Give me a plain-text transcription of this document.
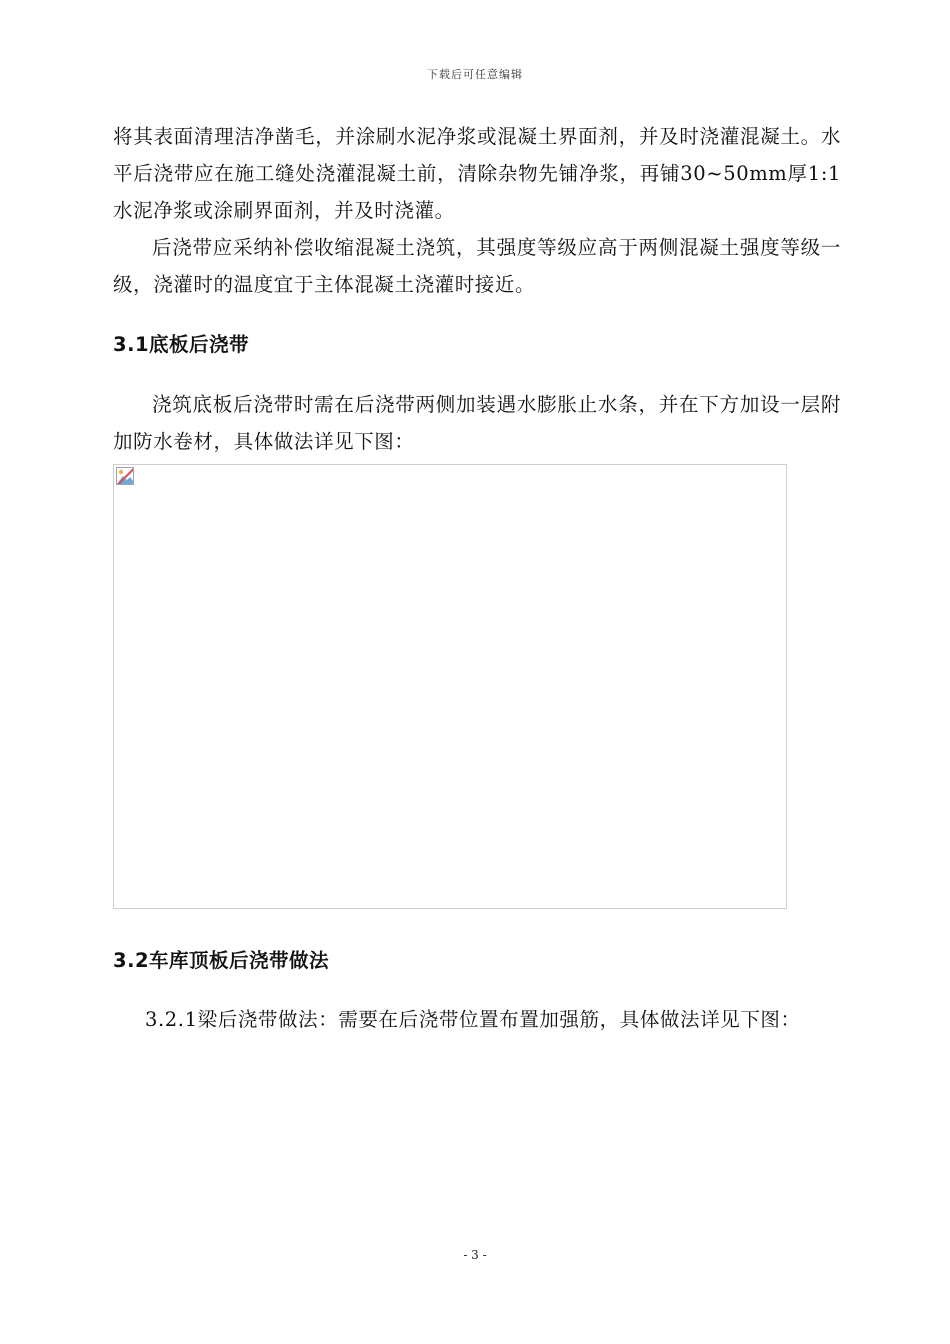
下载后可任意编辑

将其表面清理洁净凿毛，并涂刷水泥净浆或混凝土界面剂，并及时浇灌混凝土。水平后浇带应在施工缝处浇灌混凝土前，清除杂物先铺净浆，再铺30~50mm厚1:1水泥净浆或涂刷界面剂，并及时浇灌。

后浇带应采纳补偿收缩混凝土浇筑，其强度等级应高于两侧混凝土强度等级一级，浇灌时的温度宜于主体混凝土浇灌时接近。

3.1底板后浇带

浇筑底板后浇带时需在后浇带两侧加装遇水膨胀止水条，并在下方加设一层附加防水卷材，具体做法详见下图：

3.2车库顶板后浇带做法

3.2.1梁后浇带做法：需要在后浇带位置布置加强筋，具体做法详见下图：

- 3 -
